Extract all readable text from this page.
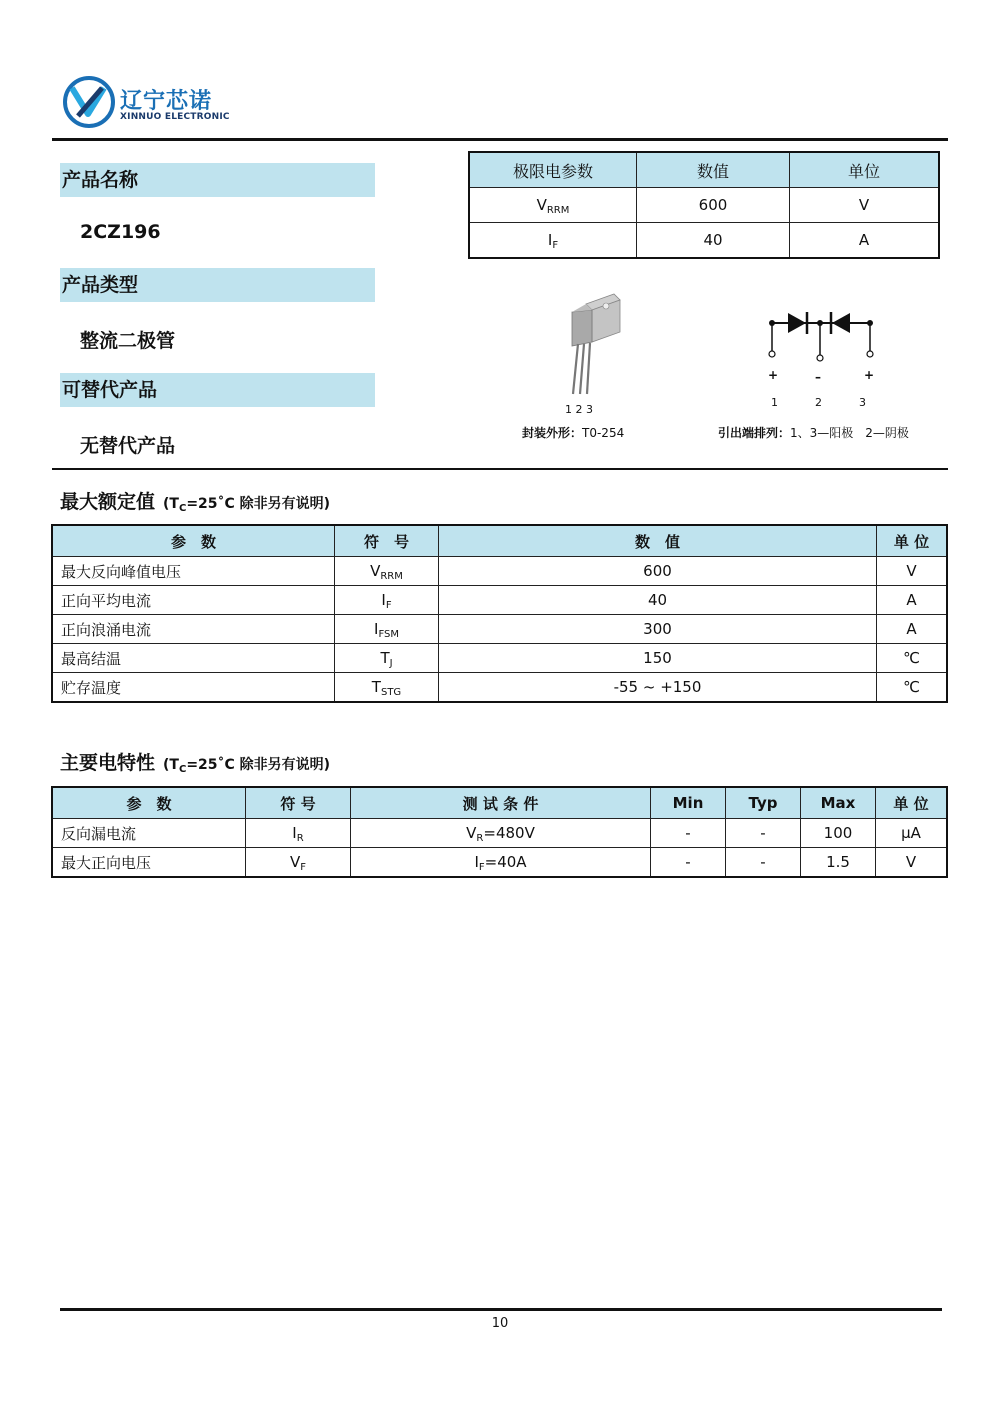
辽宁芯诺
XINNUO ELECTRONIC
产品名称
2CZ196
产品类型
整流二极管
可替代产品
无替代产品
极限电参数	数值	单位
$V_{RRM}$	600	V
$I_F$	40	A
1 2 3
封装外形：T0-254
+	–	+
1	2	3
引出端排列：1、3—阳极　2—阴极
最大额定值 ($T_C=25˚C$ 除非另有说明)
参　数	符　号	数　值	单 位
最大反向峰值电压	$V_{RRM}$	600	V
正向平均电流	$I_F$	40	A
正向浪涌电流	$I_{FSM}$	300	A
最高结温	$T_J$	150	℃
贮存温度	$T_{STG}$	-55 ~ +150	℃
主要电特性 ($T_C=25˚C$ 除非另有说明)
参　数	符 号	测 试 条 件	Min	Typ	Max	单 位
反向漏电流	$I_R$	$V_R=480V$	-	-	100	μA
最大正向电压	$V_F$	$I_F=40A$	-	-	1.5	V
10
